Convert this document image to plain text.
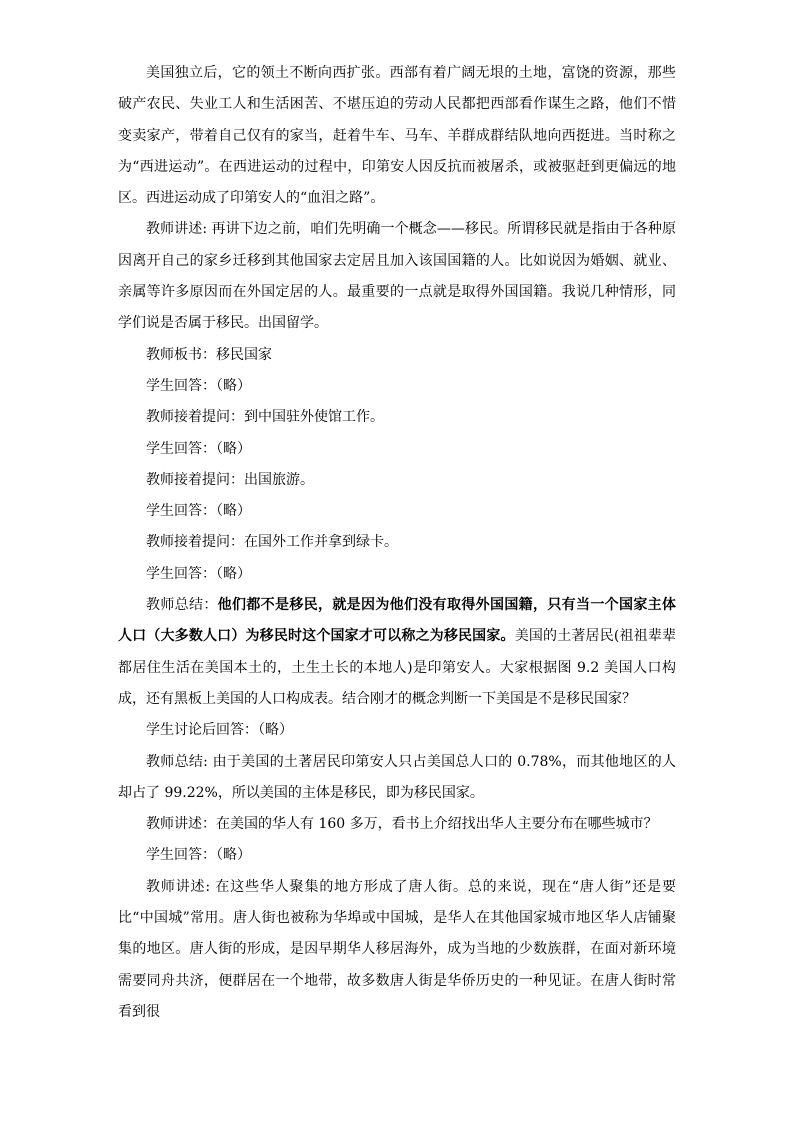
美国独立后，它的领土不断向西扩张。西部有着广阔无垠的土地，富饶的资源，那些破产农民、失业工人和生活困苦、不堪压迫的劳动人民都把西部看作谋生之路，他们不惜变卖家产，带着自己仅有的家当，赶着牛车、马车、羊群成群结队地向西挺进。当时称之为“西进运动”。在西进运动的过程中，印第安人因反抗而被屠杀，或被驱赶到更偏远的地区。西进运动成了印第安人的“血泪之路”。

教师讲述: 再讲下边之前，咱们先明确一个概念——移民。所谓移民就是指由于各种原因离开自己的家乡迁移到其他国家去定居且加入该国国籍的人。比如说因为婚姻、就业、亲属等许多原因而在外国定居的人。最重要的一点就是取得外国国籍。我说几种情形，同学们说是否属于移民。出国留学。

教师板书：移民国家

学生回答：（略）

教师接着提问：到中国驻外使馆工作。

学生回答：（略）

教师接着提问：出国旅游。

学生回答：（略）

教师接着提问：在国外工作并拿到绿卡。

学生回答：（略）

教师总结：他们都不是移民，就是因为他们没有取得外国国籍，只有当一个国家主体人口（大多数人口）为移民时这个国家才可以称之为移民国家。美国的土著居民(祖祖辈辈都居住生活在美国本土的，土生土长的本地人)是印第安人。大家根据图 9.2 美国人口构成，还有黑板上美国的人口构成表。结合刚才的概念判断一下美国是不是移民国家？

学生讨论后回答：（略）

教师总结: 由于美国的土著居民印第安人只占美国总人口的 0.78%，而其他地区的人却占了 99.22%，所以美国的主体是移民，即为移民国家。

教师讲述：在美国的华人有 160 多万，看书上介绍找出华人主要分布在哪些城市？

学生回答：（略）

教师讲述: 在这些华人聚集的地方形成了唐人街。总的来说，现在“唐人街”还是要比“中国城”常用。唐人街也被称为华埠或中国城，是华人在其他国家城市地区华人店铺聚集的地区。唐人街的形成，是因早期华人移居海外，成为当地的少数族群，在面对新环境需要同舟共济，便群居在一个地带，故多数唐人街是华侨历史的一种见证。在唐人街时常看到很
